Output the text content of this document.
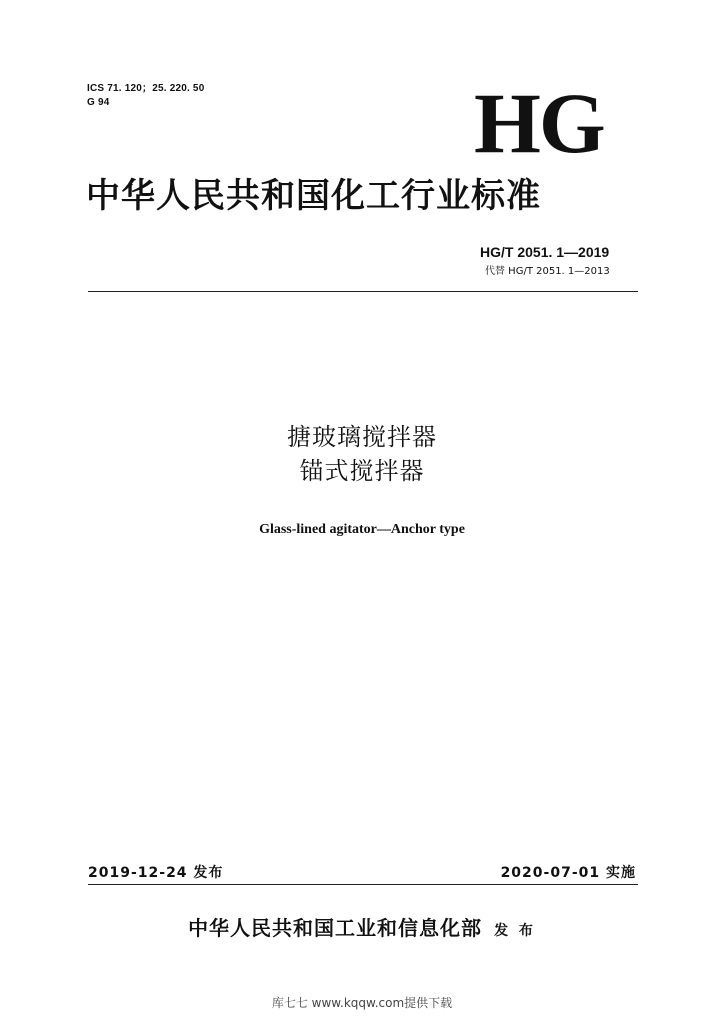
ICS 71. 120；25. 220. 50
G 94	HG
中华人民共和国化工行业标准
HG/T 2051. 1—2019
代替 HG/T 2051. 1—2013
搪玻璃搅拌器
锚式搅拌器
Glass-lined agitator—Anchor type
2019-12-24 发布	2020-07-01 实施
中华人民共和国工业和信息化部 发 布
库七七 www.kqqw.com提供下载
